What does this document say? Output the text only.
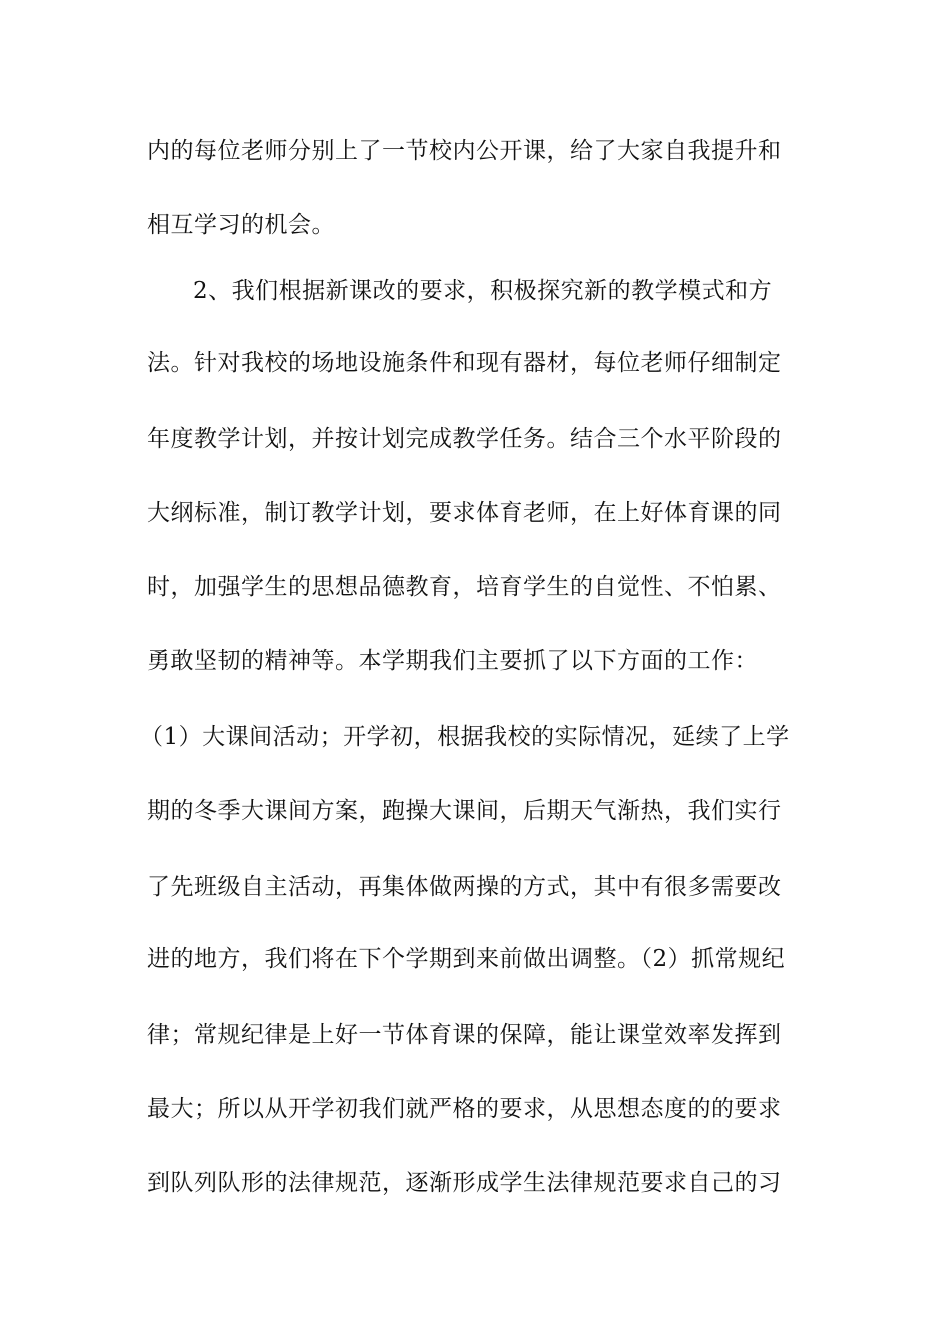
内的每位老师分别上了一节校内公开课，给了大家自我提升和
相互学习的机会。
2、我们根据新课改的要求，积极探究新的教学模式和方
法。针对我校的场地设施条件和现有器材，每位老师仔细制定
年度教学计划，并按计划完成教学任务。结合三个水平阶段的
大纲标准，制订教学计划，要求体育老师，在上好体育课的同
时，加强学生的思想品德教育，培育学生的自觉性、不怕累、
勇敢坚韧的精神等。本学期我们主要抓了以下方面的工作：
（1）大课间活动；开学初，根据我校的实际情况，延续了上学
期的冬季大课间方案，跑操大课间，后期天气渐热，我们实行
了先班级自主活动，再集体做两操的方式，其中有很多需要改
进的地方，我们将在下个学期到来前做出调整。（2）抓常规纪
律；常规纪律是上好一节体育课的保障，能让课堂效率发挥到
最大；所以从开学初我们就严格的要求，从思想态度的的要求
到队列队形的法律规范，逐渐形成学生法律规范要求自己的习
